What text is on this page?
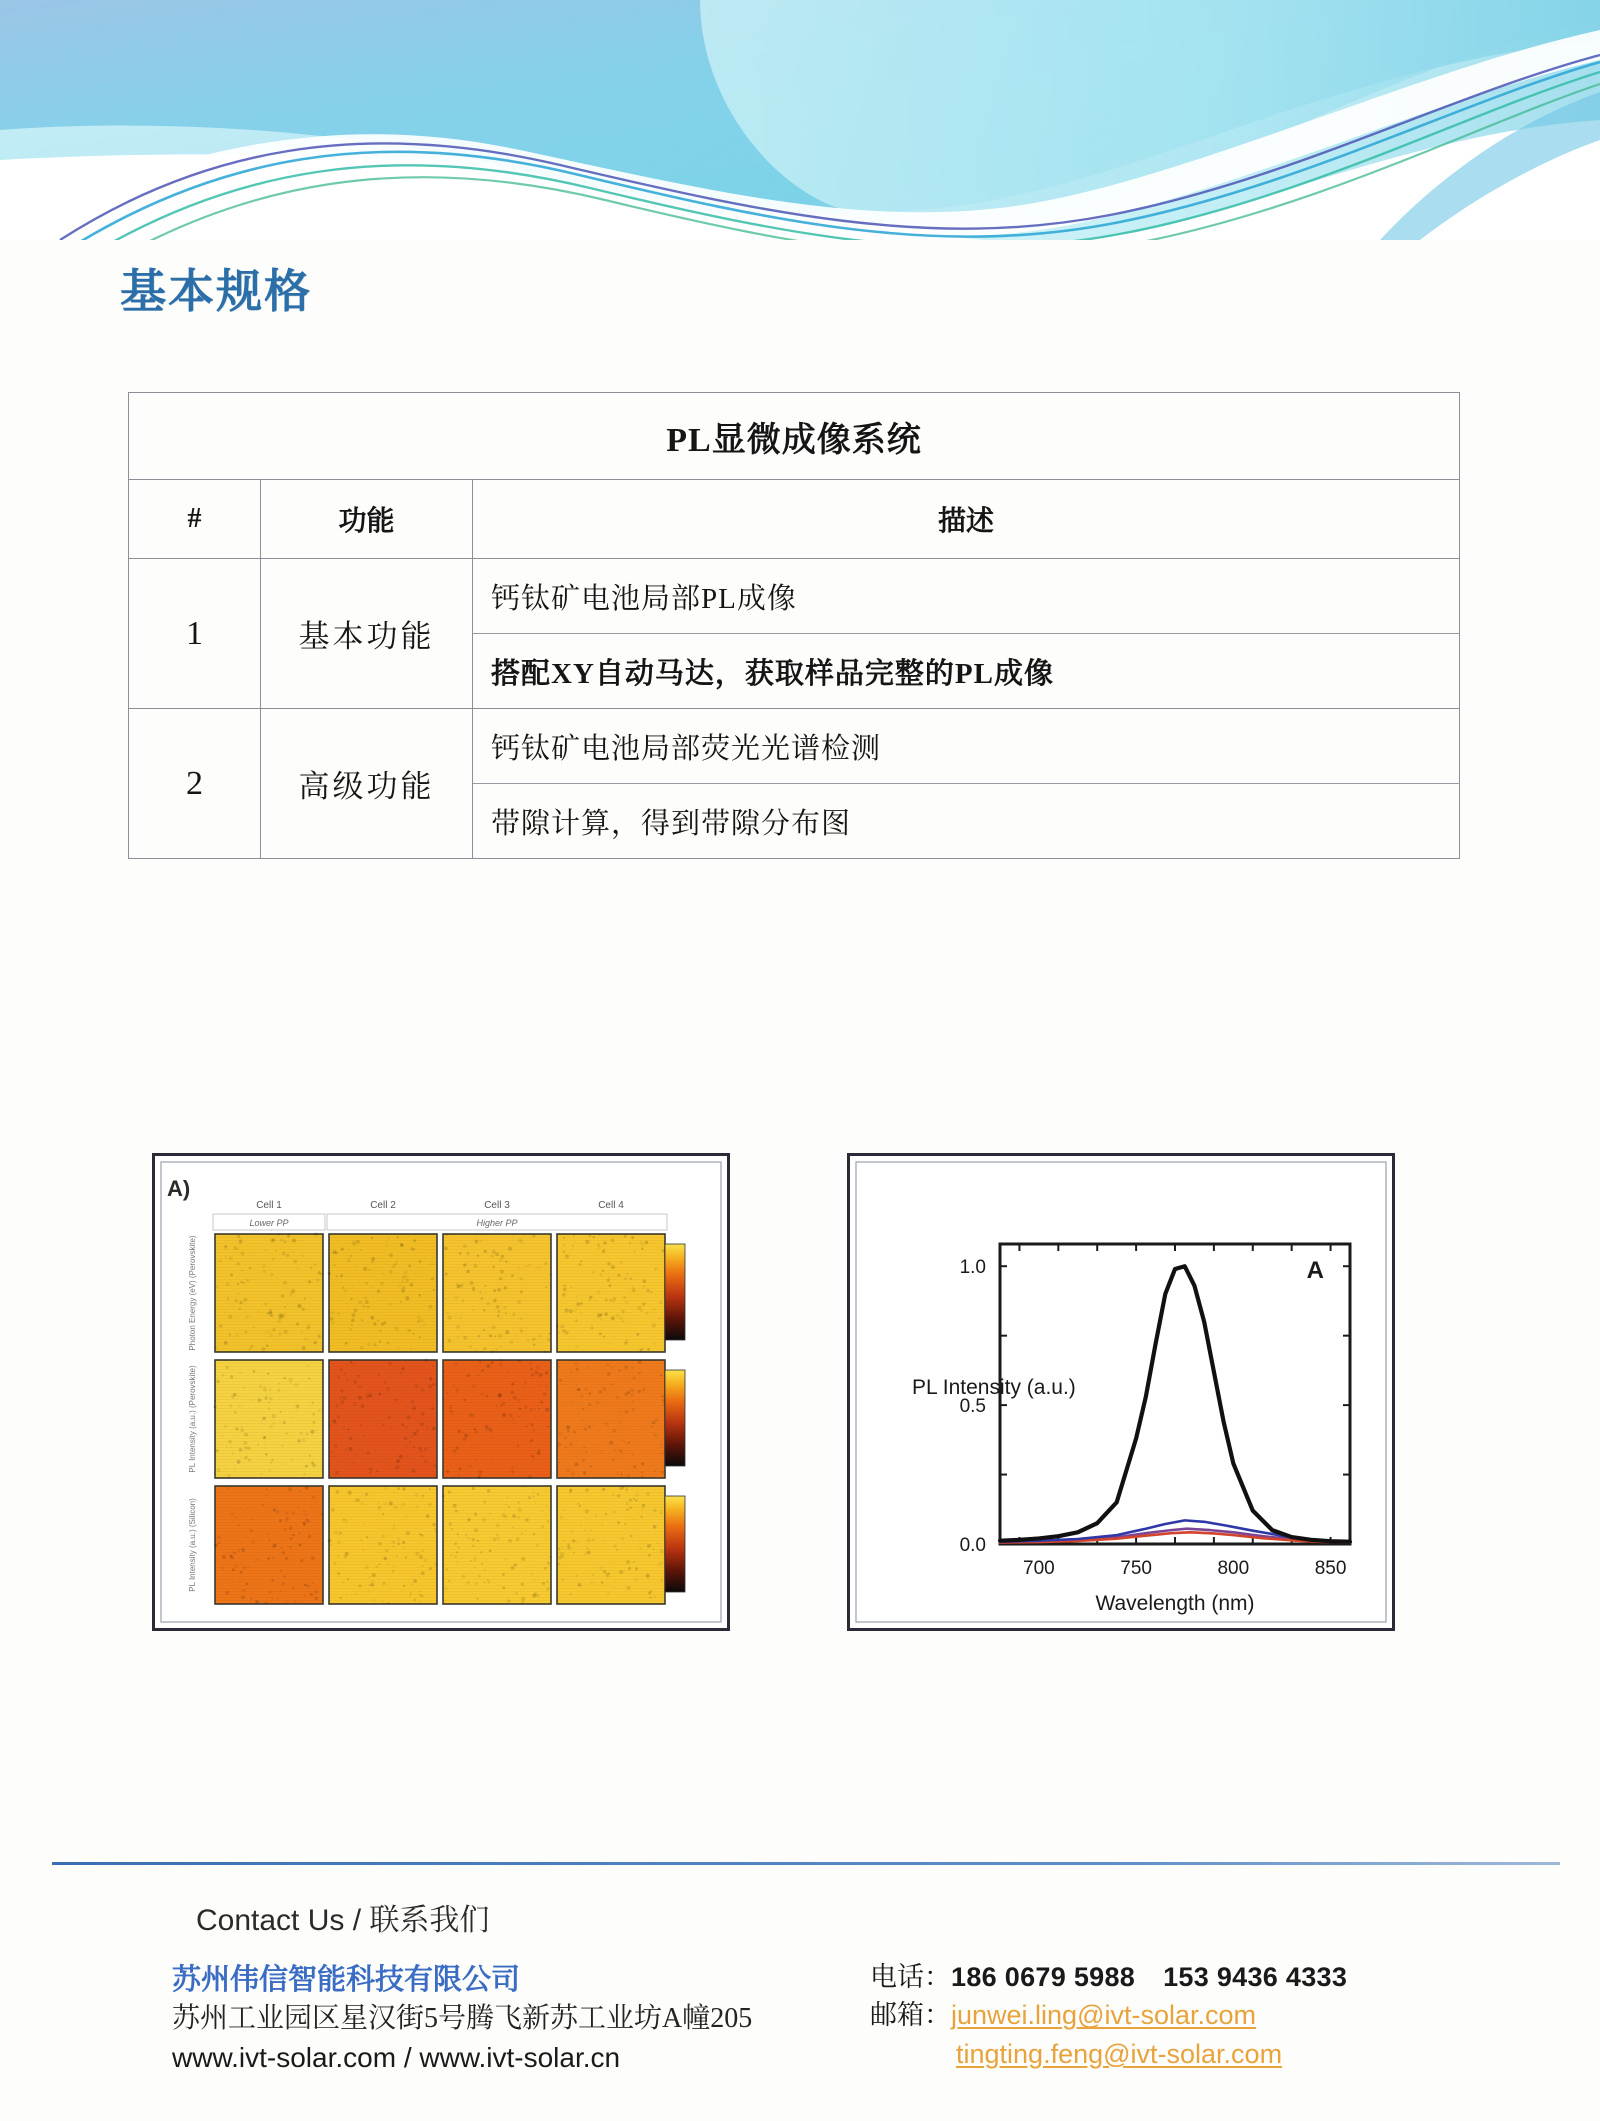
基本规格
PL显微成像系统		
#	功能	描述
1	基本功能	钙钛矿电池局部PL成像
		搭配XY自动马达，获取样品完整的PL成像
2	高级功能	钙钛矿电池局部荧光光谱检测
		带隙计算，得到带隙分布图
A)
Cell 1	Cell 2	Cell 3	Cell 4
Lower PP	Higher PP
Photon Energy (eV) (Perovskite)
PL Intensity (a.u.) (Perovskite)
PL Intensity (a.u.) (Silicon)	700	750	800	850
0.0
0.5
1.0
Wavelength (nm)
PL Intensity (a.u.)
A
Contact Us / 联系我们
苏州伟信智能科技有限公司
苏州工业园区星汉街5号腾飞新苏工业坊A幢205
www.ivt-solar.com / www.ivt-solar.cn
电话：186 0679 5988 153 9436 4333
邮箱：junwei.ling@ivt-solar.com
tingting.feng@ivt-solar.com
